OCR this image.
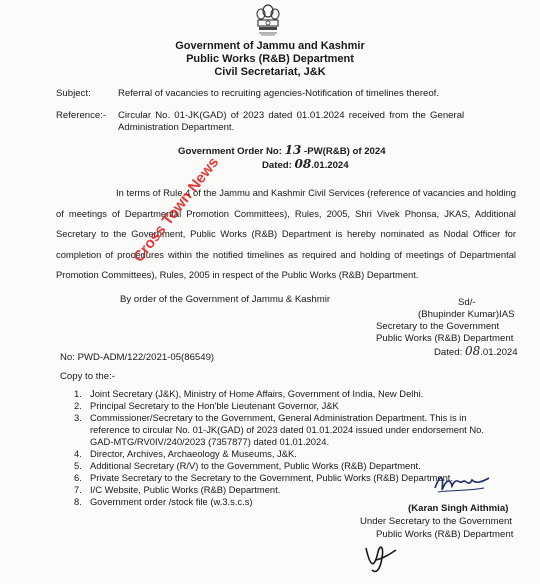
Government of Jammu and Kashmir
Public Works (R&B) Department
Civil Secretariat, J&K
Subject:	Referral of vacancies to recruiting agencies-Notification of timelines thereof.
Reference:- Circular No. 01-JK(GAD) of 2023 dated 01.01.2024 received from the General
Administration Department.
Government Order No: 13 -PW(R&B) of 2024
Dated: 08.01.2024
In terms of Rule 4 of the Jammu and Kashmir Civil Services (reference of vacancies and holding of meetings of Departmental Promotion Committees), Rules, 2005, Shri Vivek Phonsa, JKAS, Additional Secretary to the Government, Public Works (R&B) Department is hereby nominated as Nodal Officer for completion of procedures within the notified timelines as required and holding of meetings of Departmental Promotion Committees), Rules, 2005 in respect of the Public Works (R&B) Department.
Cross Town News
By order of the Government of Jammu & Kashmir	Sd/-
(Bhupinder Kumar)IAS
Secretary to the Government
Public Works (R&B) Department
Dated: 08.01.2024
No: PWD-ADM/122/2021-05(86549)
Copy to the:-
1. Joint Secretary (J&K), Ministry of Home Affairs, Government of India, New Delhi.
2. Principal Secretary to the Hon'ble Lieutenant Governor, J&K
3. Commissioner/Secretary to the Government, General Administration Department. This is in
reference to circular No. 01-JK(GAD) of 2023 dated 01.01.2024 issued under endorsement No.
GAD-MTG/RV0IV/240/2023 (7357877) dated 01.01.2024.
4. Director, Archives, Archaeology & Museums, J&K.
5. Additional Secretary (R/V) to the Government, Public Works (R&B) Department.
6. Private Secretary to the Secretary to the Government, Public Works (R&B) Department.
7. I/C Website, Public Works (R&B) Department.
8. Government order /stock file (w.3.s.c.s)
(Karan Singh Aithmia)
Under Secretary to the Government
Public Works (R&B) Department
